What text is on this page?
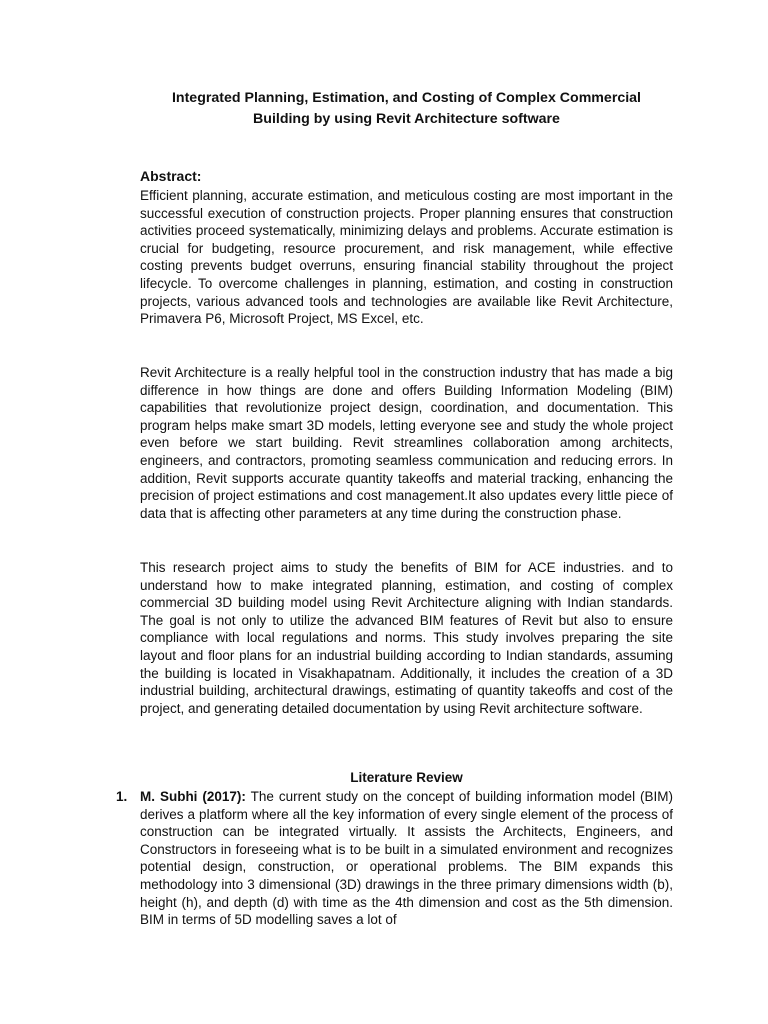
Integrated Planning, Estimation, and Costing of Complex Commercial
Building by using Revit Architecture software
Abstract:

Efficient planning, accurate estimation, and meticulous costing are most important in the successful execution of construction projects. Proper planning ensures that construction activities proceed systematically, minimizing delays and problems. Accurate estimation is crucial for budgeting, resource procurement, and risk management, while effective costing prevents budget overruns, ensuring financial stability throughout the project lifecycle. To overcome challenges in planning, estimation, and costing in construction projects, various advanced tools and technologies are available like Revit Architecture, Primavera P6, Microsoft Project, MS Excel, etc.

Revit Architecture is a really helpful tool in the construction industry that has made a big difference in how things are done and offers Building Information Modeling (BIM) capabilities that revolutionize project design, coordination, and documentation. This program helps make smart 3D models, letting everyone see and study the whole project even before we start building. Revit streamlines collaboration among architects, engineers, and contractors, promoting seamless communication and reducing errors. In addition, Revit supports accurate quantity takeoffs and material tracking, enhancing the precision of project estimations and cost management.It also updates every little piece of data that is affecting other parameters at any time during the construction phase.

This research project aims to study the benefits of BIM for ACE industries. and to understand how to make integrated planning, estimation, and costing of complex commercial 3D building model using Revit Architecture aligning with Indian standards. The goal is not only to utilize the advanced BIM features of Revit but also to ensure compliance with local regulations and norms. This study involves preparing the site layout and floor plans for an industrial building according to Indian standards, assuming the building is located in Visakhapatnam. Additionally, it includes the creation of a 3D industrial building, architectural drawings, estimating of quantity takeoffs and cost of the project, and generating detailed documentation by using Revit architecture software.

Literature Review
1. M. Subhi (2017): The current study on the concept of building information model (BIM) derives a platform where all the key information of every single element of the process of construction can be integrated virtually. It assists the Architects, Engineers, and Constructors in foreseeing what is to be built in a simulated environment and recognizes potential design, construction, or operational problems. The BIM expands this methodology into 3 dimensional (3D) drawings in the three primary dimensions width (b), height (h), and depth (d) with time as the 4th dimension and cost as the 5th dimension. BIM in terms of 5D modelling saves a lot of
